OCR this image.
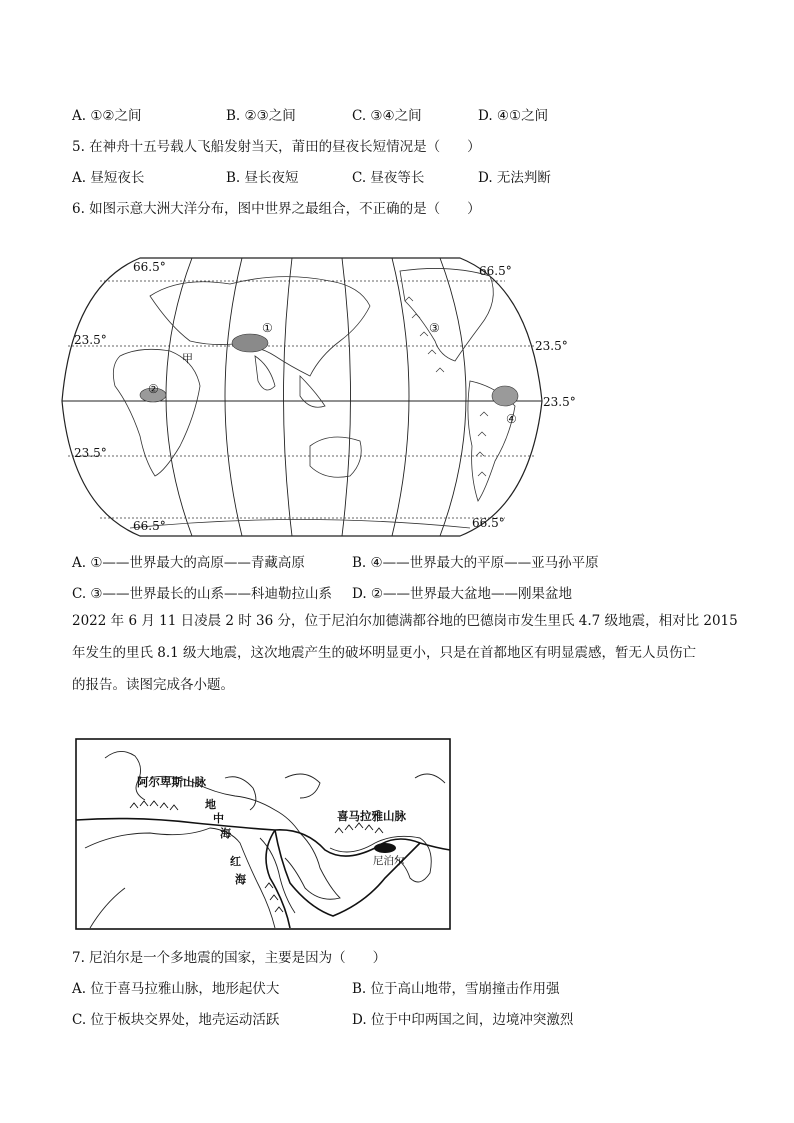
A. ①②之间	B. ②③之间	C. ③④之间	D. ④①之间
5. 在神舟十五号载人飞船发射当天，莆田的昼夜长短情况是（　　）
A. 昼短夜长	B. 昼长夜短	C. 昼夜等长	D. 无法判断
6. 如图示意大洲大洋分布，图中世界之最组合，不正确的是（　　）
①
②
③
④
甲
66.5°	66.5°
23.5°	23.5°
23.5°
23.5°
66.5°	66.5°
A. ①——世界最大的高原——青藏高原	B. ④——世界最大的平原——亚马孙平原
C. ③——世界最长的山系——科迪勒拉山系 D. ②——世界最大盆地——刚果盆地
2022 年 6 月 11 日凌晨 2 时 36 分，位于尼泊尔加德满都谷地的巴德岗市发生里氏 4.7 级地震，相对比 2015
年发生的里氏 8.1 级大地震，这次地震产生的破坏明显更小，只是在首都地区有明显震感，暂无人员伤亡
的报告。读图完成各小题。
阿尔卑斯山脉
喜马拉雅山脉
尼泊尔
地
中
海
红
海
7. 尼泊尔是一个多地震的国家，主要是因为（　　）
A. 位于喜马拉雅山脉，地形起伏大	B. 位于高山地带，雪崩撞击作用强
C. 位于板块交界处，地壳运动活跃	D. 位于中印两国之间，边境冲突激烈
